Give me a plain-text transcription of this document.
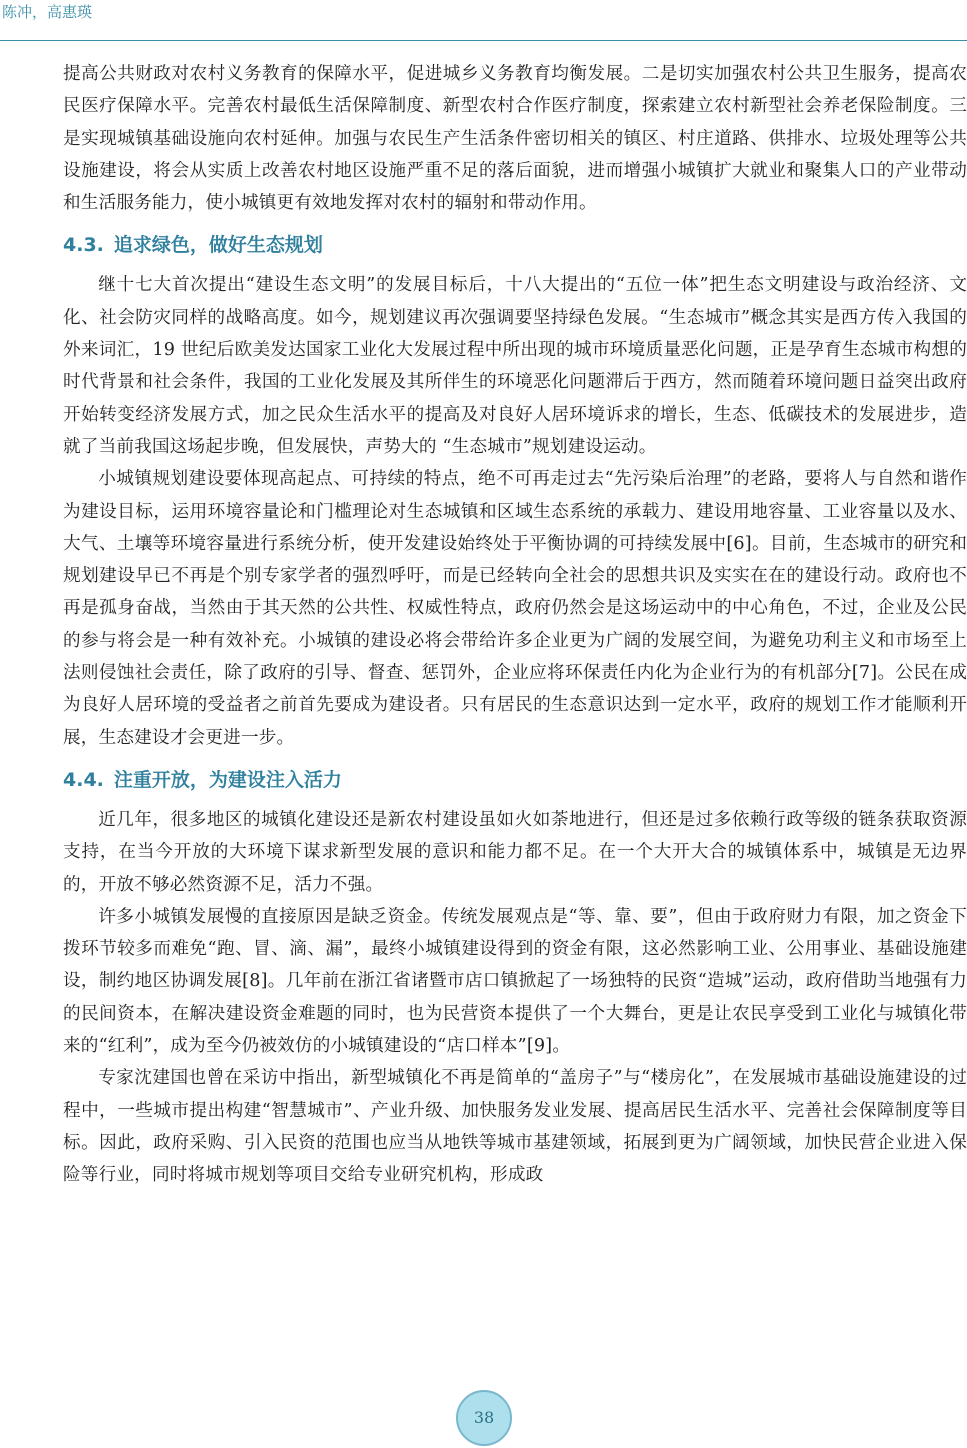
陈冲，高惠瑛

提高公共财政对农村义务教育的保障水平，促进城乡义务教育均衡发展。二是切实加强农村公共卫生服务，提高农民医疗保障水平。完善农村最低生活保障制度、新型农村合作医疗制度，探索建立农村新型社会养老保险制度。三是实现城镇基础设施向农村延伸。加强与农民生产生活条件密切相关的镇区、村庄道路、供排水、垃圾处理等公共设施建设，将会从实质上改善农村地区设施严重不足的落后面貌，进而增强小城镇扩大就业和聚集人口的产业带动和生活服务能力，使小城镇更有效地发挥对农村的辐射和带动作用。

4.3. 追求绿色，做好生态规划

继十七大首次提出“建设生态文明”的发展目标后，十八大提出的“五位一体”把生态文明建设与政治经济、文化、社会防灾同样的战略高度。如今，规划建议再次强调要坚持绿色发展。“生态城市”概念其实是西方传入我国的外来词汇，19 世纪后欧美发达国家工业化大发展过程中所出现的城市环境质量恶化问题，正是孕育生态城市构想的时代背景和社会条件，我国的工业化发展及其所伴生的环境恶化问题滞后于西方，然而随着环境问题日益突出政府开始转变经济发展方式，加之民众生活水平的提高及对良好人居环境诉求的增长，生态、低碳技术的发展进步，造就了当前我国这场起步晚，但发展快，声势大的 “生态城市”规划建设运动。

小城镇规划建设要体现高起点、可持续的特点，绝不可再走过去“先污染后治理”的老路，要将人与自然和谐作为建设目标，运用环境容量论和门槛理论对生态城镇和区域生态系统的承载力、建设用地容量、工业容量以及水、大气、土壤等环境容量进行系统分析，使开发建设始终处于平衡协调的可持续发展中[6]。目前，生态城市的研究和规划建设早已不再是个别专家学者的强烈呼吁，而是已经转向全社会的思想共识及实实在在的建设行动。政府也不再是孤身奋战，当然由于其天然的公共性、权威性特点，政府仍然会是这场运动中的中心角色，不过，企业及公民的参与将会是一种有效补充。小城镇的建设必将会带给许多企业更为广阔的发展空间，为避免功利主义和市场至上法则侵蚀社会责任，除了政府的引导、督查、惩罚外，企业应将环保责任内化为企业行为的有机部分[7]。公民在成为良好人居环境的受益者之前首先要成为建设者。只有居民的生态意识达到一定水平，政府的规划工作才能顺利开展，生态建设才会更进一步。

4.4. 注重开放，为建设注入活力

近几年，很多地区的城镇化建设还是新农村建设虽如火如荼地进行，但还是过多依赖行政等级的链条获取资源支持，在当今开放的大环境下谋求新型发展的意识和能力都不足。在一个大开大合的城镇体系中，城镇是无边界的，开放不够必然资源不足，活力不强。

许多小城镇发展慢的直接原因是缺乏资金。传统发展观点是“等、靠、要”，但由于政府财力有限，加之资金下拨环节较多而难免“跑、冒、滴、漏”，最终小城镇建设得到的资金有限，这必然影响工业、公用事业、基础设施建设，制约地区协调发展[8]。几年前在浙江省诸暨市店口镇掀起了一场独特的民资“造城”运动，政府借助当地强有力的民间资本，在解决建设资金难题的同时，也为民营资本提供了一个大舞台，更是让农民享受到工业化与城镇化带来的“红利”，成为至今仍被效仿的小城镇建设的“店口样本”[9]。

专家沈建国也曾在采访中指出，新型城镇化不再是简单的“盖房子”与“楼房化”，在发展城市基础设施建设的过程中，一些城市提出构建“智慧城市”、产业升级、加快服务发业发展、提高居民生活水平、完善社会保障制度等目标。因此，政府采购、引入民资的范围也应当从地铁等城市基建领域，拓展到更为广阔领域，加快民营企业进入保险等行业，同时将城市规划等项目交给专业研究机构，形成政

38
